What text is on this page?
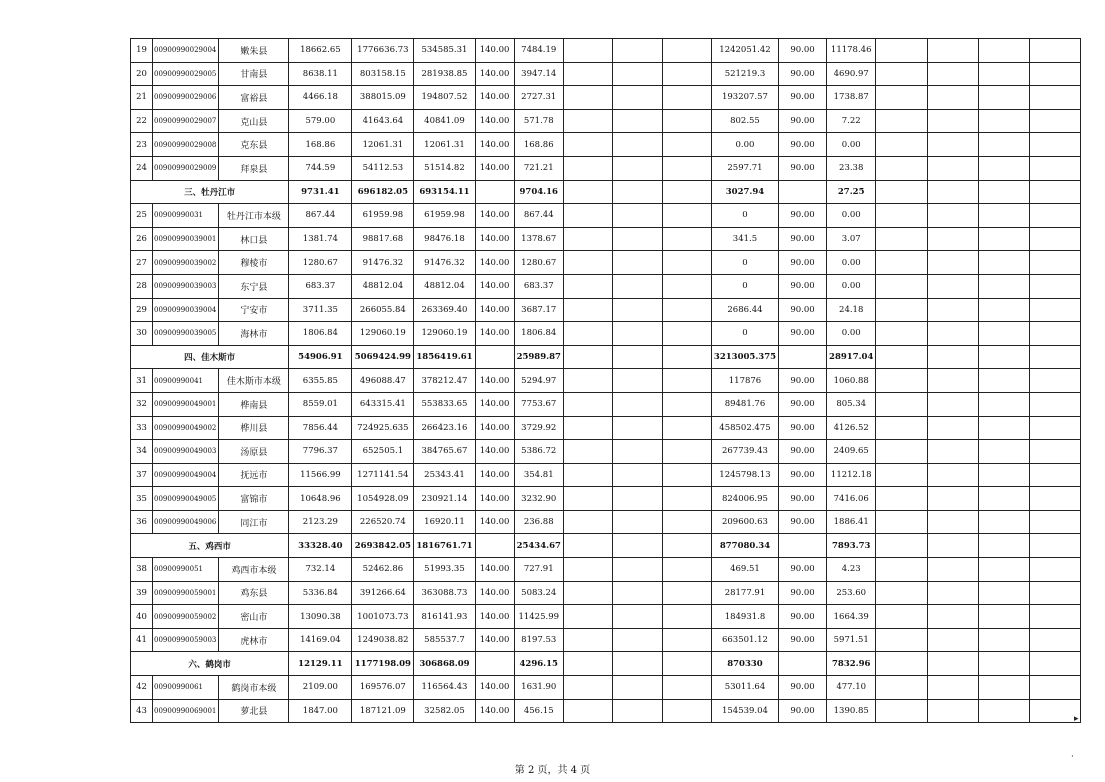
19	00900990029004	嫩朱县	18662.65	1776636.73	534585.31	140.00	7484.19				1242051.42	90.00	11178.46				
20	00900990029005	甘南县	8638.11	803158.15	281938.85	140.00	3947.14				521219.3	90.00	4690.97				
21	00900990029006	富裕县	4466.18	388015.09	194807.52	140.00	2727.31				193207.57	90.00	1738.87				
22	00900990029007	克山县	579.00	41643.64	40841.09	140.00	571.78				802.55	90.00	7.22				
23	00900990029008	克东县	168.86	12061.31	12061.31	140.00	168.86				0.00	90.00	0.00				
24	00900990029009	拜泉县	744.59	54112.53	51514.82	140.00	721.21				2597.71	90.00	23.38				
三、牡丹江市			9731.41	696182.05	693154.11		9704.16				3027.94		27.25				
25	00900990031	牡丹江市本级	867.44	61959.98	61959.98	140.00	867.44				0	90.00	0.00				
26	00900990039001	林口县	1381.74	98817.68	98476.18	140.00	1378.67				341.5	90.00	3.07				
27	00900990039002	穆棱市	1280.67	91476.32	91476.32	140.00	1280.67				0	90.00	0.00				
28	00900990039003	东宁县	683.37	48812.04	48812.04	140.00	683.37				0	90.00	0.00				
29	00900990039004	宁安市	3711.35	266055.84	263369.40	140.00	3687.17				2686.44	90.00	24.18				
30	00900990039005	海林市	1806.84	129060.19	129060.19	140.00	1806.84				0	90.00	0.00				
四、佳木斯市			54906.91	5069424.99	1856419.61		25989.87				3213005.375		28917.04				
31	00900990041	佳木斯市本级	6355.85	496088.47	378212.47	140.00	5294.97				117876	90.00	1060.88				
32	00900990049001	桦南县	8559.01	643315.41	553833.65	140.00	7753.67				89481.76	90.00	805.34				
33	00900990049002	桦川县	7856.44	724925.635	266423.16	140.00	3729.92				458502.475	90.00	4126.52				
34	00900990049003	汤原县	7796.37	652505.1	384765.67	140.00	5386.72				267739.43	90.00	2409.65				
37	00900990049004	抚远市	11566.99	1271141.54	25343.41	140.00	354.81				1245798.13	90.00	11212.18				
35	00900990049005	富锦市	10648.96	1054928.09	230921.14	140.00	3232.90				824006.95	90.00	7416.06				
36	00900990049006	同江市	2123.29	226520.74	16920.11	140.00	236.88				209600.63	90.00	1886.41				
五、鸡西市			33328.40	2693842.05	1816761.71		25434.67				877080.34		7893.73				
38	00900990051	鸡西市本级	732.14	52462.86	51993.35	140.00	727.91				469.51	90.00	4.23				
39	00900990059001	鸡东县	5336.84	391266.64	363088.73	140.00	5083.24				28177.91	90.00	253.60				
40	00900990059002	密山市	13090.38	1001073.73	816141.93	140.00	11425.99				184931.8	90.00	1664.39				
41	00900990059003	虎林市	14169.04	1249038.82	585537.7	140.00	8197.53				663501.12	90.00	5971.51				
六、鹤岗市			12129.11	1177198.09	306868.09		4296.15				870330		7832.96				
42	00900990061	鹤岗市本级	2109.00	169576.07	116564.43	140.00	1631.90				53011.64	90.00	477.10				
43	00900990069001	萝北县	1847.00	187121.09	32582.05	140.00	456.15				154539.04	90.00	1390.85				
第 2 页，共 4 页
▸
·
